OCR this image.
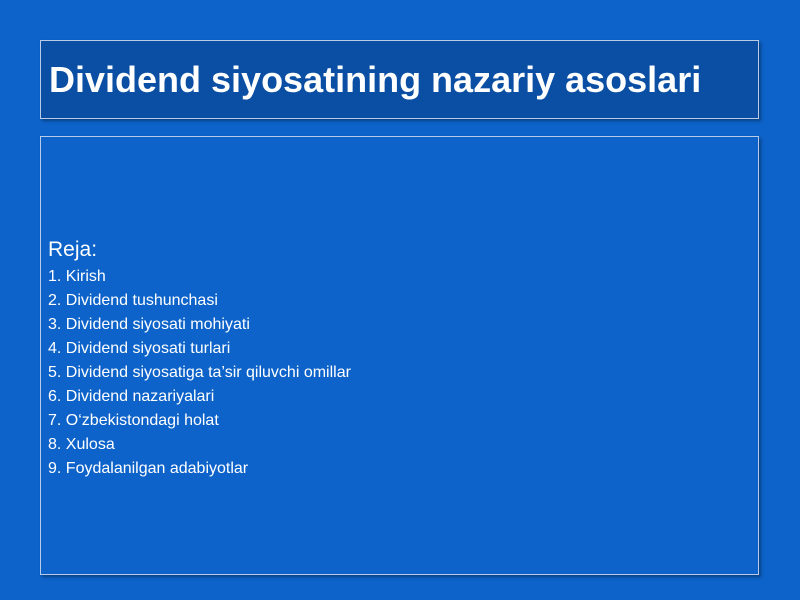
Dividend siyosatining nazariy asoslari
Reja:
1. Kirish
2. Dividend tushunchasi
3. Dividend siyosati mohiyati
4. Dividend siyosati turlari
5. Dividend siyosatiga ta’sir qiluvchi omillar
6. Dividend nazariyalari
7. O‘zbekistondagi holat
8. Xulosa
9. Foydalanilgan adabiyotlar
